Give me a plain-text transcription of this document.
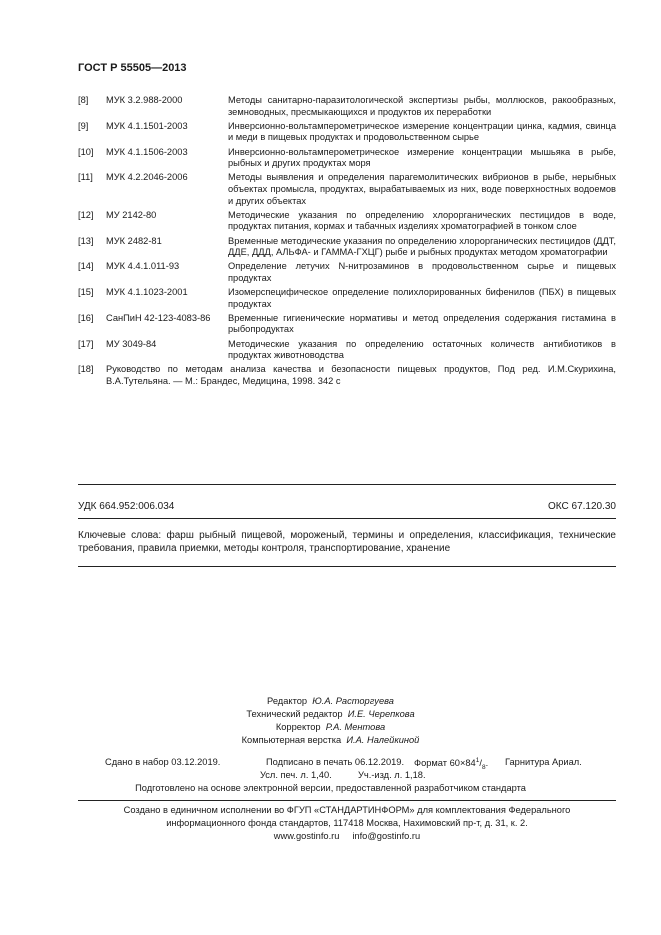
ГОСТ Р 55505—2013
[8]	МУК 3.2.988-2000	Методы санитарно-паразитологической экспертизы рыбы, моллюсков, ракообразных, земноводных, пресмыкающихся и продуктов их переработки
[9]	МУК 4.1.1501-2003	Инверсионно-вольтамперометрическое измерение концентрации цинка, кадмия, свинца и меди в пищевых продуктах и продовольственном сырье
[10]	МУК 4.1.1506-2003	Инверсионно-вольтамперометрическое измерение концентрации мышьяка в рыбе, рыбных и других продуктах моря
[11]	МУК 4.2.2046-2006	Методы выявления и определения парагемолитических вибрионов в рыбе, нерыбных объектах промысла, продуктах, вырабатываемых из них, воде поверхностных водоемов и других объектах
[12]	МУ 2142-80	Методические указания по определению хлорорганических пестицидов в воде, продуктах питания, кормах и табачных изделиях хроматографией в тонком слое
[13]	МУК 2482-81	Временные методические указания по определению хлорорганических пестицидов (ДДТ, ДДЕ, ДДД, АЛЬФА- и ГАММА-ГХЦГ) рыбе и рыбных продуктах методом хроматографии
[14]	МУК 4.4.1.011-93	Определение летучих N-нитрозаминов в продовольственном сырье и пищевых продуктах
[15]	МУК 4.1.1023-2001	Изомерспецифическое определение полихлорированных бифенилов (ПБХ) в пищевых продуктах
[16]	СанПиН 42-123-4083-86	Временные гигиенические нормативы и метод определения содержания гистамина в рыбопродуктах
[17]	МУ 3049-84	Методические указания по определению остаточных количеств антибиотиков в продуктах животноводства
[18]	Руководство по методам анализа качества и безопасности пищевых продуктов, Под ред. И.М.Скурихина, В.А.Тутельяна. — М.: Брандес, Медицина, 1998. 342 с
УДК 664.952:006.034	ОКС 67.120.30
Ключевые слова: фарш рыбный пищевой, мороженый, термины и определения, классификация, технические требования, правила приемки, методы контроля, транспортирование, хранение
Редактор Ю.А. Расторгуева
Технический редактор И.Е. Черепкова
Корректор Р.А. Ментова
Компьютерная верстка И.А. Налейкиной
Сдано в набор 03.12.2019.	Подписано в печать 06.12.2019. Формат $60\times 84^1/_8$. Гарнитура Ариал.
Усл. печ. л. 1,40.	Уч.-изд. л. 1,18.
Подготовлено на основе электронной версии, предоставленной разработчиком стандарта
Создано в единичном исполнении во ФГУП «СТАНДАРТИНФОРМ» для комплектования Федерального
информационного фонда стандартов, 117418 Москва, Нахимовский пр-т, д. 31, к. 2.
www.gostinfo.ru info@gostinfo.ru
